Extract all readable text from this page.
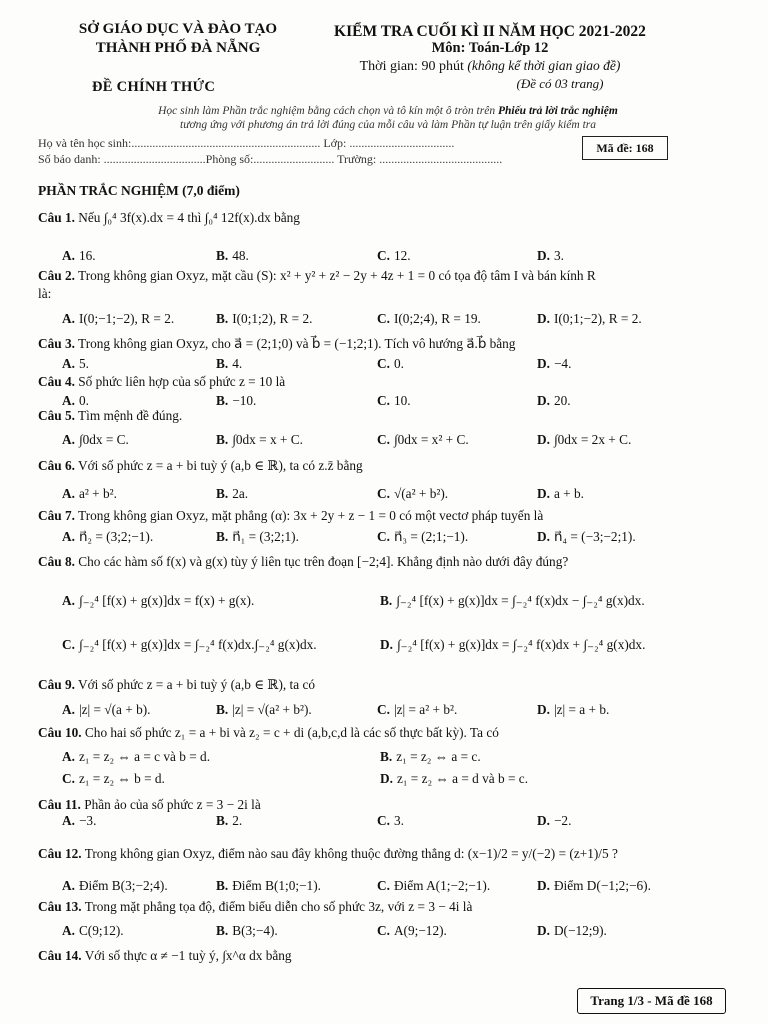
SỞ GIÁO DỤC VÀ ĐÀO TẠO
THÀNH PHỐ ĐÀ NẴNG
ĐỀ CHÍNH THỨC
KIỂM TRA CUỐI KÌ II NĂM HỌC 2021-2022
Môn: Toán-Lớp 12
Thời gian: 90 phút (không kể thời gian giao đề)
(Đề có 03 trang)
Học sinh làm Phần trắc nghiệm bằng cách chọn và tô kín một ô tròn trên Phiếu trả lời trắc nghiệm
tương ứng với phương án trả lời đúng của mỗi câu và làm Phần tự luận trên giấy kiểm tra
Họ và tên học sinh:............................................................... Lớp: ...................................
Số báo danh: ..................................Phòng số:........................... Trường: .........................................
Mã đề: 168
PHẦN TRẮC NGHIỆM (7,0 điểm)
Câu 1. Nếu ∫₀⁴ 3f(x).dx = 4 thì ∫₀⁴ 12f(x).dx bằng
A. 16.	B. 48.	C. 12.	D. 3.
Câu 2. Trong không gian Oxyz, mặt cầu (S): x² + y² + z² − 2y + 4z + 1 = 0 có tọa độ tâm I và bán kính R
là:
A. I(0;−1;−2), R = 2.	B. I(0;1;2), R = 2.	C. I(0;2;4), R = 19.	D. I(0;1;−2), R = 2.
Câu 3. Trong không gian Oxyz, cho a⃗ = (2;1;0) và b⃗ = (−1;2;1). Tích vô hướng a⃗.b⃗ bằng
A. 5.	B. 4.	C. 0.	D. −4.
Câu 4. Số phức liên hợp của số phức z = 10 là
A. 0.	B. −10.	C. 10.	D. 20.
Câu 5. Tìm mệnh đề đúng.
A. ∫0dx = C.	B. ∫0dx = x + C.	C. ∫0dx = x² + C.	D. ∫0dx = 2x + C.
Câu 6. Với số phức z = a + bi tuỳ ý (a,b ∈ ℝ), ta có z.z̄ bằng
A. a² + b².	B. 2a.	C. √(a² + b²).	D. a + b.
Câu 7. Trong không gian Oxyz, mặt phẳng (α): 3x + 2y + z − 1 = 0 có một vectơ pháp tuyến là
A. n⃗₂ = (3;2;−1).	B. n⃗₁ = (3;2;1).	C. n⃗₃ = (2;1;−1).	D. n⃗₄ = (−3;−2;1).
Câu 8. Cho các hàm số f(x) và g(x) tùy ý liên tục trên đoạn [−2;4]. Khẳng định nào dưới đây đúng?
A. ∫₋₂⁴ [f(x) + g(x)]dx = f(x) + g(x).	B. ∫₋₂⁴ [f(x) + g(x)]dx = ∫₋₂⁴ f(x)dx − ∫₋₂⁴ g(x)dx.
C. ∫₋₂⁴ [f(x) + g(x)]dx = ∫₋₂⁴ f(x)dx.∫₋₂⁴ g(x)dx.	D. ∫₋₂⁴ [f(x) + g(x)]dx = ∫₋₂⁴ f(x)dx + ∫₋₂⁴ g(x)dx.
Câu 9. Với số phức z = a + bi tuỳ ý (a,b ∈ ℝ), ta có
A. |z| = √(a + b).	B. |z| = √(a² + b²).	C. |z| = a² + b².	D. |z| = a + b.
Câu 10. Cho hai số phức z₁ = a + bi và z₂ = c + di (a,b,c,d là các số thực bất kỳ). Ta có
A. z₁ = z₂ ⇔ a = c và b = d.	B. z₁ = z₂ ⇔ a = c.
C. z₁ = z₂ ⇔ b = d.	D. z₁ = z₂ ⇔ a = d và b = c.
Câu 11. Phần ảo của số phức z = 3 − 2i là
A. −3.	B. 2.	C. 3.	D. −2.
Câu 12. Trong không gian Oxyz, điểm nào sau đây không thuộc đường thẳng d: (x−1)/2 = y/(−2) = (z+1)/5 ?
A. Điểm B(3;−2;4).	B. Điểm B(1;0;−1).	C. Điểm A(1;−2;−1).	D. Điểm D(−1;2;−6).
Câu 13. Trong mặt phẳng tọa độ, điểm biểu diễn cho số phức 3z, với z = 3 − 4i là
A. C(9;12).	B. B(3;−4).	C. A(9;−12).	D. D(−12;9).
Câu 14. Với số thực α ≠ −1 tuỳ ý, ∫x^α dx bằng
Trang 1/3 - Mã đề 168
